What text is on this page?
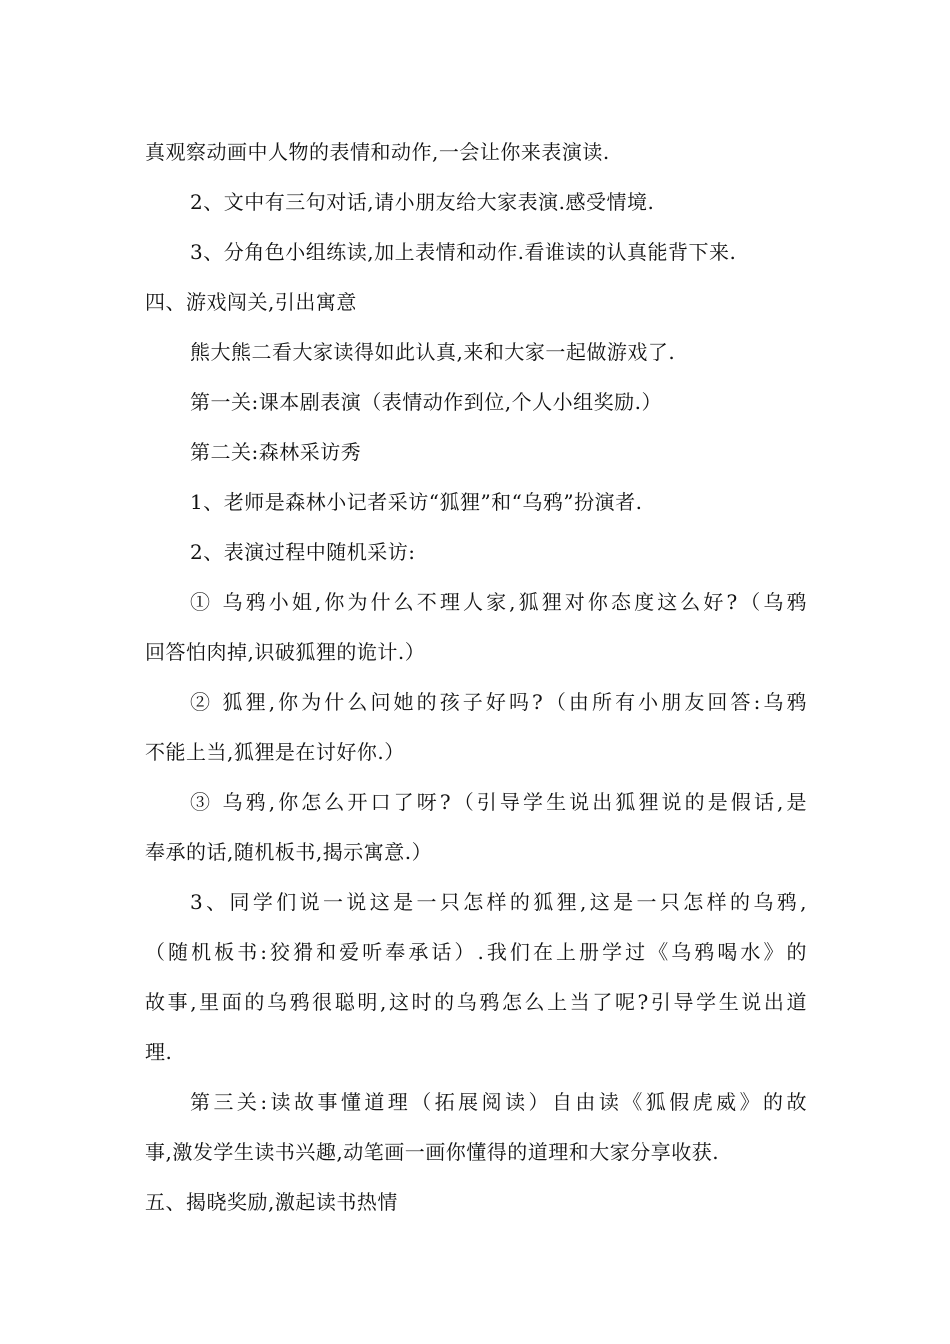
真观察动画中人物的表情和动作,一会让你来表演读.
2、文中有三句对话,请小朋友给大家表演.感受情境.
3、分角色小组练读,加上表情和动作.看谁读的认真能背下来.
四、游戏闯关,引出寓意
熊大熊二看大家读得如此认真,来和大家一起做游戏了.
第一关:课本剧表演（表情动作到位,个人小组奖励.）
第二关:森林采访秀
1、老师是森林小记者采访“狐狸”和“乌鸦”扮演者.
2、表演过程中随机采访:
① 乌鸦小姐,你为什么不理人家,狐狸对你态度这么好?（乌鸦
回答怕肉掉,识破狐狸的诡计.）
② 狐狸,你为什么问她的孩子好吗?（由所有小朋友回答:乌鸦
不能上当,狐狸是在讨好你.）
③ 乌鸦,你怎么开口了呀?（引导学生说出狐狸说的是假话,是
奉承的话,随机板书,揭示寓意.）
3、同学们说一说这是一只怎样的狐狸,这是一只怎样的乌鸦,
（随机板书:狡猾和爱听奉承话）.我们在上册学过《乌鸦喝水》的
故事,里面的乌鸦很聪明,这时的乌鸦怎么上当了呢?引导学生说出道
理.
第三关:读故事懂道理（拓展阅读）自由读《狐假虎威》的故
事,激发学生读书兴趣,动笔画一画你懂得的道理和大家分享收获.
五、揭晓奖励,激起读书热情
